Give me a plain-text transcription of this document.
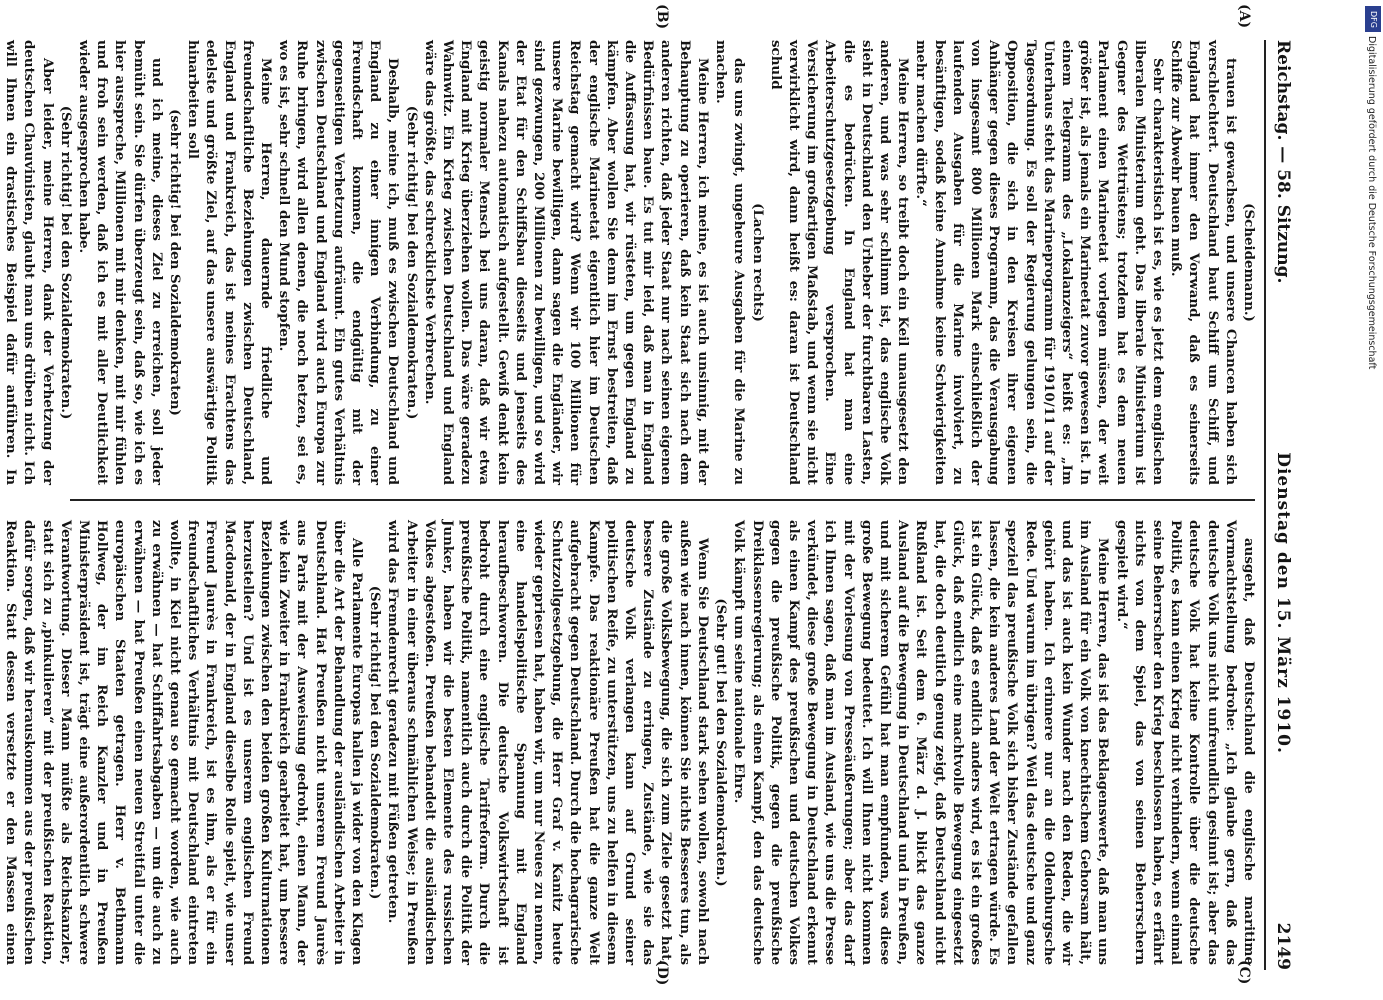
Reichstag. — 58. Sitzung.
Dienstag den 15. März 1910.
2149

(Scheidemann.)

trauen ist gewachsen, und unsere Chancen haben sich verschlechtert. Deutschland baut Schiff um Schiff, und England hat immer den Vorwand, daß es seinerseits Schiffe zur Abwehr bauen muß.

Sehr charakteristisch ist es, wie es jetzt dem englischen liberalen Ministerium geht. Das liberale Ministerium ist Gegner des Wettrüstens; trotzdem hat es dem neuen Parlament einen Marineetat vorlegen müssen, der weit größer ist, als jemals ein Marineetat zuvor gewesen ist. In einem Telegramm des „Lokalanzeigers“ heißt es: „Im Unterhaus steht das Marineprogramm für 1910/11 auf der Tagesordnung. Es soll der Regierung gelungen sein, die Opposition, die sich in den Kreisen ihrer eigenen Anhänger gegen dieses Programm, das die Verausgabung von insgesamt 800 Millionen Mark einschließlich der laufenden Ausgaben für die Marine involviert, zu besänftigen, sodaß keine Annahme keine Schwierigkeiten mehr machen dürfte.“

Meine Herren, so treibt doch ein Keil unausgesetzt den anderen, und was sehr schlimm ist, das englische Volk sieht in Deutschland den Urheber der furchtbaren Lasten, die es bedrücken. In England hat man eine Arbeiterschutzgesetzgebung versprochen. Eine Versicherung im großartigen Maßstab, und wenn sie nicht verwirklicht wird, dann heißt es: daran ist Deutschland schuld

(Lachen rechts)

das uns zwingt, ungeheure Ausgaben für die Marine zu machen.

Meine Herren, ich meine, es ist auch unsinnig, mit der Behauptung zu operieren, daß kein Staat sich nach dem anderen richten, daß jeder Staat nur nach seinen eigenen Bedürfnissen baue. Es tut mir leid, daß man in England die Auffassung hat, wir rüsteten, um gegen England zu kämpfen. Aber wollen Sie denn im Ernst bestreiten, daß der englische Marineetat eigentlich hier im Deutschen Reichstag gemacht wird? Wenn wir 100 Millionen für unsere Marine bewilligen, dann sagen die Engländer, wir sind gezwungen, 200 Millionen zu bewilligen, und so wird der Etat für den Schiffsbau diesseits und jenseits des Kanals nahezu automatisch aufgestellt. Gewiß denkt kein geistig normaler Mensch bei uns daran, daß wir etwa England mit Krieg überziehen wollen. Das wäre geradezu Wahnwitz. Ein Krieg zwischen Deutschland und England wäre das größte, das schrecklichste Verbrechen.

(Sehr richtig! bei den Sozialdemokraten.)

Deshalb, meine ich, muß es zwischen Deutschland und England zu einer innigen Verbindung, zu einer Freundschaft kommen, die endgültig mit der gegenseitigen Verhetzung aufräumt. Ein gutes Verhältnis zwischen Deutschland und England wird auch Europa zur Ruhe bringen, wird allen denen, die noch hetzen, sei es, wo es ist, sehr schnell den Mund stopfen.

Meine Herren, dauernde friedliche und freundschaftliche Beziehungen zwischen Deutschland, England und Frankreich, das ist meines Erachtens das edelste und größte Ziel, auf das unsere auswärtige Politik hinarbeiten soll

(sehr richtig! bei den Sozialdemokraten)

und ich meine, dieses Ziel zu erreichen, soll jeder bemüht sein. Sie dürfen überzeugt sein, daß so, wie ich es hier ausspreche, Millionen mit mir denken, mit mir fühlen und froh sein werden, daß ich es mit aller Deutlichkeit wieder ausgesprochen habe.

(Sehr richtig! bei den Sozialdemokraten.)

Aber leider, meine Herren, dank der Verhetzung der deutschen Chauvinisten, glaubt man uns drüben nicht. Ich will Ihnen ein drastisches Beispiel dafür anführen. In

ausgeht, daß Deutschland die englische maritime Vormachtstellung bedrohe: „Ich glaube gern, daß das deutsche Volk uns nicht unfreundlich gesinnt ist; aber das deutsche Volk hat keine Kontrolle über die deutsche Politik, es kann einen Krieg nicht verhindern, wenn einmal seine Beherrscher den Krieg beschlossen haben, es erfährt nichts von dem Spiel, das von seinen Beherrschern gespielt wird.“

Meine Herren, das ist das Beklagenswerte, daß man uns im Ausland für ein Volk von knechtischem Gehorsam hält, und das ist auch kein Wunder nach den Reden, die wir gehört haben. Ich erinnere nur an die Oldenburgsche Rede. Und warum im übrigen? Weil das deutsche und ganz speziell das preußische Volk sich bisher Zustände gefallen lassen, die kein anderes Land der Welt ertragen würde. Es ist ein Glück, daß es endlich anders wird, es ist ein großes Glück, daß endlich eine machtvolle Bewegung eingesetzt hat, die doch deutlich genug zeigt, daß Deutschland nicht Rußland ist. Seit dem 6. März d. J. blickt das ganze Ausland auf die Bewegung in Deutschland und in Preußen, und mit sicherem Gefühl hat man empfunden, was diese große Bewegung bedeutet. Ich will Ihnen nicht kommen mit der Vorlesung von Presseäußerungen; aber das darf ich Ihnen sagen, daß man im Ausland, wie uns die Presse verkündet, diese große Bewegung in Deutschland erkennt als einen Kampf des preußischen und deutschen Volkes gegen die preußische Politik, gegen die preußische Dreiklassenregierung; als einen Kampf, den das deutsche Volk kämpft um seine nationale Ehre.

(Sehr gut! bei den Sozialdemokraten.)

Wenn Sie Deutschland stark sehen wollen, sowohl nach außen wie nach innen, können Sie nichts Besseres tun, als die große Volksbewegung, die sich zum Ziele gesetzt hat, bessere Zustände zu erringen, Zustände, wie sie das deutsche Volk verlangen kann auf Grund seiner politischen Reife, zu unterstützen, uns zu helfen in diesem Kampfe. Das reaktionäre Preußen hat die ganze Welt aufgebracht gegen Deutschland. Durch die hochagrarische Schutzzollgesetzgebung, die Herr Graf v. Kanitz heute wieder gepriesen hat, haben wir, um nur Neues zu nennen, eine handelspolitische Spannung mit England heraufbeschworen. Die deutsche Volkswirtschaft ist bedroht durch eine englische Tarifreform. Durch die preußische Politik, namentlich auch durch die Politik der Junker, haben wir die besten Elemente des russischen Volkes abgestoßen. Preußen behandelt die ausländischen Arbeiter in einer überaus schmählichen Weise; in Preußen wird das Fremdenrecht geradezu mit Füßen getreten.

(Sehr richtig! bei den Sozialdemokraten.)

Alle Parlamente Europas hallen ja wider von den Klagen über die Art der Behandlung der ausländischen Arbeiter in Deutschland. Hat Preußen nicht unserem Freund Jaurès aus Paris mit der Ausweisung gedroht, einen Mann, der wie kein Zweiter in Frankreich gearbeitet hat, um bessere Beziehungen zwischen den beiden großen Kulturnationen herzustellen? Und ist es unserem englischen Freund Macdonald, der in England dieselbe Rolle spielt, wie unser Freund Jaurès in Frankreich, ist es ihm, als er für ein freundschaftliches Verhältnis mit Deutschland eintreten wollte, in Kiel nicht genau so gemacht worden, wie auch zu erwähnen — hat Schiffahrtsabgaben — um die auch zu erwähnen — hat Preußen einen neuen Streitfall unter die europäischen Staaten getragen. Herr v. Bethmann Hollweg, der im Reich Kanzler und in Preußen Ministerpräsident ist, trägt eine außerordentlich schwere Verantwortung. Dieser Mann müßte als Reichskanzler, statt sich zu „pinkulieren“ mit der preußischen Reaktion, dafür sorgen, daß wir herauskommen aus der preußischen Reaktion. Statt dessen versetzte er den Massen einen

(A)
(B)
(C)
(D)
DFG
Digitalisierung gefördert durch die Deutsche Forschungsgemeinschaft
